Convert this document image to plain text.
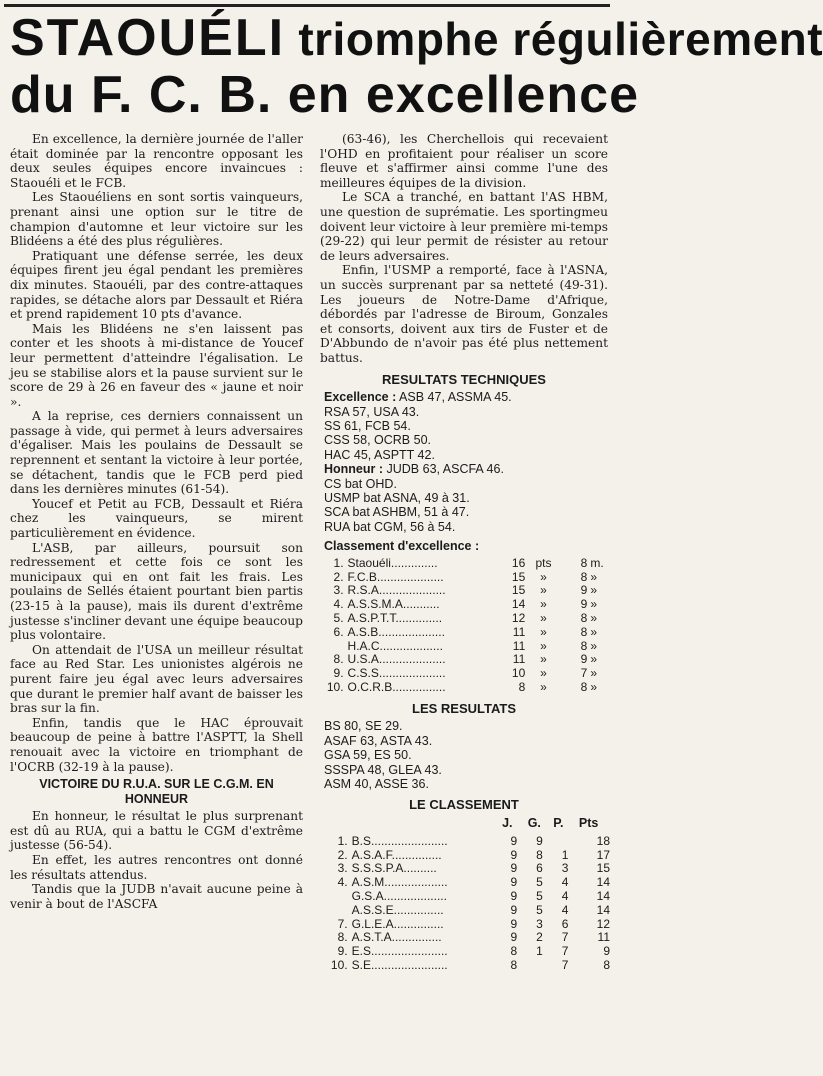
STAOUÉLI triomphe régulièrement
du F. C. B. en excellence

En excellence, la dernière journée de l'aller était dominée par la rencontre opposant les deux seules équipes encore invaincues : Staouéli et le FCB.

Les Staouéliens en sont sortis vainqueurs, prenant ainsi une option sur le titre de champion d'automne et leur victoire sur les Blidéens a été des plus régulières.

Pratiquant une défense serrée, les deux équipes firent jeu égal pendant les premières dix minutes. Staouéli, par des contre-attaques rapides, se détache alors par Dessault et Riéra et prend rapidement 10 pts d'avance.

Mais les Blidéens ne s'en laissent pas conter et les shoots à mi-distance de Youcef leur permettent d'atteindre l'égalisation. Le jeu se stabilise alors et la pause survient sur le score de 29 à 26 en faveur des « jaune et noir ».

A la reprise, ces derniers connaissent un passage à vide, qui permet à leurs adversaires d'égaliser. Mais les poulains de Dessault se reprennent et sentant la victoire à leur portée, se détachent, tandis que le FCB perd pied dans les dernières minutes (61-54).

Youcef et Petit au FCB, Dessault et Riéra chez les vainqueurs, se mirent particulièrement en évidence.

L'ASB, par ailleurs, poursuit son redressement et cette fois ce sont les municipaux qui en ont fait les frais. Les poulains de Sellés étaient pourtant bien partis (23-15 à la pause), mais ils durent d'extrême justesse s'incliner devant une équipe beaucoup plus volontaire.

On attendait de l'USA un meilleur résultat face au Red Star. Les unionistes algérois ne purent faire jeu égal avec leurs adversaires que durant le premier half avant de baisser les bras sur la fin.

Enfin, tandis que le HAC éprouvait beaucoup de peine à battre l'ASPTT, la Shell renouait avec la victoire en triomphant de l'OCRB (32-19 à la pause).

VICTOIRE DU R.U.A. SUR LE C.G.M. EN HONNEUR

En honneur, le résultat le plus surprenant est dû au RUA, qui a battu le CGM d'extrême justesse (56-54).

En effet, les autres rencontres ont donné les résultats attendus.

Tandis que la JUDB n'avait aucune peine à venir à bout de l'ASCFA

(63-46), les Cherchellois qui recevaient l'OHD en profitaient pour réaliser un score fleuve et s'affirmer ainsi comme l'une des meilleures équipes de la division.

Le SCA a tranché, en battant l'AS HBM, une question de suprématie. Les sportingmeu doivent leur victoire à leur première mi-temps (29-22) qui leur permit de résister au retour de leurs adversaires.

Enfin, l'USMP a remporté, face à l'ASNA, un succès surprenant par sa netteté (49-31). Les joueurs de Notre-Dame d'Afrique, débordés par l'adresse de Biroum, Gonzales et consorts, doivent aux tirs de Fuster et de D'Abbundo de n'avoir pas été plus nettement battus.

RESULTATS TECHNIQUES
Excellence : ASB 47, ASSMA 45.
RSA 57, USA 43.
SS 61, FCB 54.
CSS 58, OCRB 50.
HAC 45, ASPTT 42.
Honneur : JUDB 63, ASCFA 46.
CS bat OHD.
USMP bat ASNA, 49 à 31.
SCA bat ASHBM, 51 à 47.
RUA bat CGM, 56 à 54.
Classement d'excellence :
1.	Staouéli..............	16	pts	8	m.
2.	F.C.B....................	15	»	8	»
3.	R.S.A....................	15	»	9	»
4.	A.S.S.M.A...........	14	»	9	»
5.	A.S.P.T.T..............	12	»	8	»
6.	A.S.B....................	11	»	8	»
	H.A.C...................	11	»	8	»
8.	U.S.A....................	11	»	9	»
9.	C.S.S....................	10	»	7	»
10.	O.C.R.B................	8	»	8	»
LES RESULTATS
BS 80, SE 29.
ASAF 63, ASTA 43.
GSA 59, ES 50.
SSSPA 48, GLEA 43.
ASM 40, ASSE 36.
LE CLASSEMENT
		J.	G.	P.	Pts
1.	B.S.......................	9	9		18
2.	A.S.A.F...............	9	8	1	17
3.	S.S.S.P.A..........	9	6	3	15
4.	A.S.M...................	9	5	4	14
	G.S.A...................	9	5	4	14
	A.S.S.E...............	9	5	4	14
7.	G.L.E.A...............	9	3	6	12
8.	A.S.T.A...............	9	2	7	11
9.	E.S.......................	8	1	7	9
10.	S.E.......................	8		7	8
